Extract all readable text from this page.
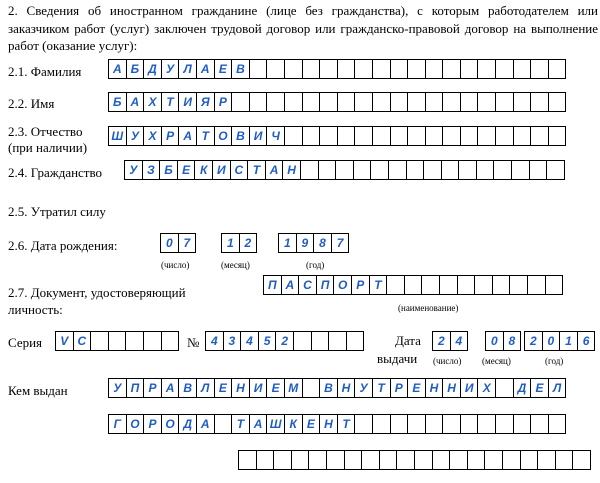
2. Сведения об иностранном гражданине (лице без гражданства), с которым работодателем или заказчиком работ (услуг) заключен трудовой договор или гражданско-правовой договор на выполнение работ (оказание услуг):
2.1. Фамилия	А Б Д У Л А Е В
2.2. Имя	Б А Х Т И Я Р
2.3. Отчество
(при наличии)
Ш У Х Р А Т О В И Ч
2.4. Гражданство	У З Б Е К И С Т А Н
2.5. Утратил силу
2.6. Дата рождения:	0 7	1 2	1 9 8 7
(число)	(месяц)	(год)
2.7. Документ, удостоверяющий
личность:
П А С П О Р Т
(наименование)
Серия	V C	№ 4 3 4 5 2	Дата
выдачи
2 4	0 8	2 0 1 6
(число) (месяц)	(год)
Кем выдан	У П Р А В Л Е Н И Е М	В Н У Т Р Е Н Н И Х	Д Е Л
Г О Р О Д А	Т А Ш К Е Н Т
